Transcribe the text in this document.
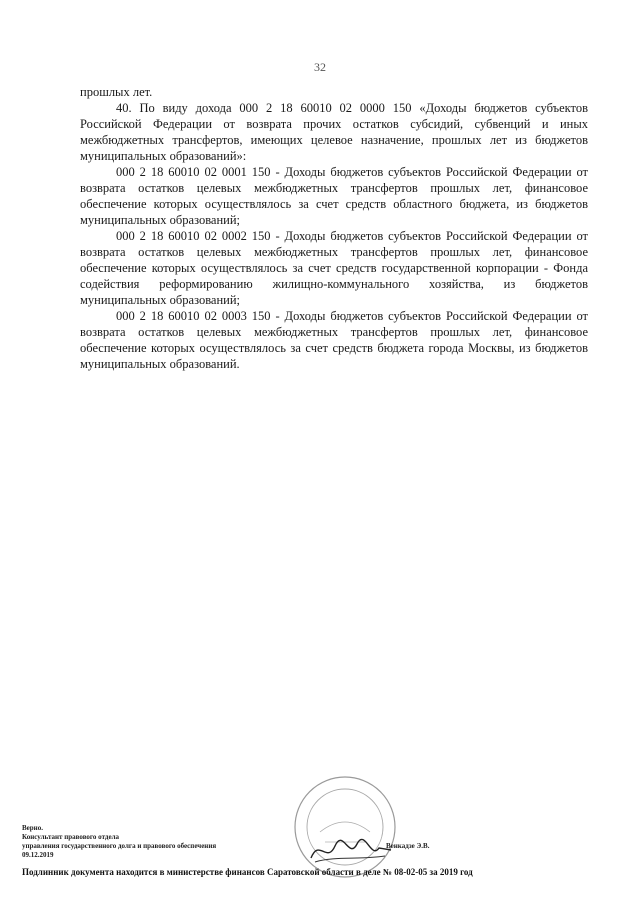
32

прошлых лет.

40. По виду дохода 000 2 18 60010 02 0000 150 «Доходы бюджетов субъектов Российской Федерации от возврата прочих остатков субсидий, субвенций и иных межбюджетных трансфертов, имеющих целевое назначение, прошлых лет из бюджетов муниципальных образований»:

000 2 18 60010 02 0001 150 - Доходы бюджетов субъектов Российской Федерации от возврата остатков целевых межбюджетных трансфертов прошлых лет, финансовое обеспечение которых осуществлялось за счет средств областного бюджета, из бюджетов муниципальных образований;

000 2 18 60010 02 0002 150 - Доходы бюджетов субъектов Российской Федерации от возврата остатков целевых межбюджетных трансфертов прошлых лет, финансовое обеспечение которых осуществлялось за счет средств государственной корпорации - Фонда содействия реформированию жилищно-коммунального хозяйства, из бюджетов муниципальных образований;

000 2 18 60010 02 0003 150 - Доходы бюджетов субъектов Российской Федерации от возврата остатков целевых межбюджетных трансфертов прошлых лет, финансовое обеспечение которых осуществлялось за счет средств бюджета города Москвы, из бюджетов муниципальных образований.

Верно.
Консультант правового отдела
управления государственного долга и правового обеспечения
09.12.2019
Венкадзе Э.В.
Подлинник документа находится в министерстве финансов Саратовской области в деле № 08-02-05 за 2019 год
